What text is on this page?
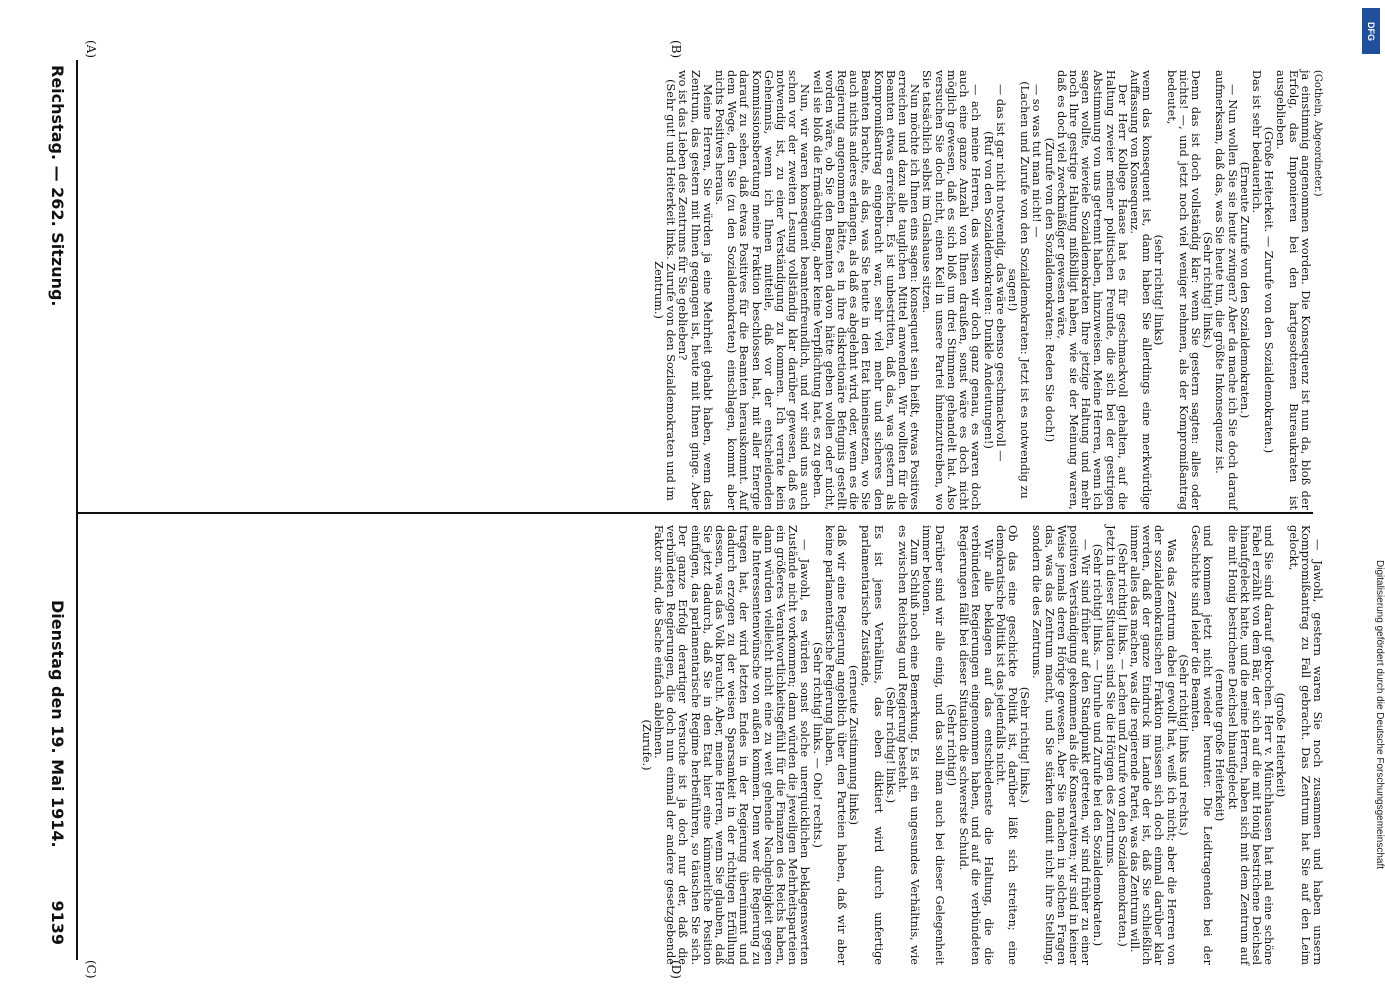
Reichstag. — 262. Sitzung.
Dienstag den 19. Mai 1914.
9139
(A)	(B)
(C)	(D)

(Gothein, Abgeordneter.)

ja einstimmig angenommen worden. Die Konsequenz ist nun da, bloß der Erfolg, das Imponieren bei den hartgesottenen Bureaukraten ist ausgeblieben.

(Große Heiterkeit. — Zurufe von den Sozialdemokraten.)

Das ist sehr bedauerlich.

(Erneute Zurufe von den Sozialdemokraten.)

— Nun wollen Sie sie heute zwingen? Aber da mache ich Sie doch darauf aufmerksam, daß das, was Sie heute tun, die größte Inkonsequenz ist.

(Sehr richtig! links.)

Denn das ist doch vollständig klar: wenn Sie gestern sagten: alles oder nichts! —, und jetzt noch viel weniger nehmen, als der Kompromißantrag bedeutet,

(sehr richtig! links)

wenn das konsequent ist, dann haben Sie allerdings eine merkwürdige Auffassung von Konsequenz.

Der Herr Kollege Haase hat es für geschmackvoll gehalten, auf die Haltung zweier meiner politischen Freunde, die sich bei der gestrigen Abstimmung von uns getrennt haben, hinzuweisen. Meine Herren, wenn ich sagen wollte, wieviele Sozialdemokraten Ihre jetzige Haltung und mehr noch Ihre gestrige Haltung mißbilligt haben, wie sie der Meinung waren, daß es doch viel zweckmäßiger gewesen wäre,

(Zurufe von den Sozialdemokraten: Reden Sie doch!)

— so was tut man nicht! —

(Lachen und Zurufe von den Sozialdemokraten: Jetzt ist es notwendig zu sagen!)

— das ist gar nicht notwendig, das wäre ebenso geschmackvoll —

(Ruf von den Sozialdemokraten: Dunkle Andeutungen!)

— ach meine Herren, das wissen wir doch ganz genau, es waren doch auch eine ganze Anzahl von Ihnen draußen, sonst wäre es doch nicht möglich gewesen, daß es sich bloß um drei Stimmen gehandelt hat. Also versuchen Sie doch nicht, einen Keil in unsere Partei hineinzutreiben, wo Sie tatsächlich selbst im Glashause sitzen.

Nun möchte ich Ihnen eins sagen: konsequent sein heißt, etwas Positives erreichen und dazu alle tauglichen Mittel anwenden. Wir wollten für die Beamten etwas erreichen. Es ist unbestritten, daß das, was gestern als Kompromißantrag eingebracht war, sehr viel mehr und sicheres den Beamten brachte, als das, was Sie heute in den Etat hineinsetzen, wo Sie auch nichts anderes erlangen, als daß es abgelehnt wird, oder, wenn es die Regierung angenommen hätte, es in ihre diskretionäre Befugnis gestellt worden wäre, ob Sie den Beamten davon hätte geben wollen oder nicht, weil sie bloß die Ermächtigung, aber keine Verpflichtung hat, es zu geben.

Nun, wir waren konsequent beamtenfreundlich, und wir sind uns auch schon vor der zweiten Lesung vollständig klar darüber gewesen, daß es notwendig ist, zu einer Verständigung zu kommen. Ich verrate kein Geheimnis, wenn ich Ihnen mitteile, daß vor der entscheidenden Kommissionsberatung meine Fraktion beschlossen hat, mit aller Energie darauf zu sehen, daß etwas Positives für die Beamten herauskommt. Auf dem Wege, den Sie (zu den Sozialdemokraten) einschlagen, kommt aber nichts Positives heraus.

Meine Herren, Sie würden ja eine Mehrheit gehabt haben, wenn das Zentrum, das gestern mit Ihnen gegangen ist, heute mit Ihnen ginge. Aber wo ist das Lieben des Zentrums für Sie geblieben?

(Sehr gut! und Heiterkeit links. Zurufe von den Sozialdemokraten und im Zentrum.)

— Jawohl, gestern waren Sie noch zusammen und haben unsern Kompromißantrag zu Fall gebracht. Das Zentrum hat Sie auf den Leim gelockt,

(große Heiterkeit)

und Sie sind darauf gekrochen. Herr v. Münchhausen hat mal eine schöne Fabel erzählt von dem Bär, der sich auf die mit Honig bestrichene Deichsel hinaufgeleckt hatte, und die meine Herren, haben sich mit dem Zentrum auf die mit Honig bestrichene Deichsel hinaufgeleckt

(erneute große Heiterkeit)

und kommen jetzt nicht wieder herunter. Die Leidtragenden bei der Geschichte sind leider die Beamten.

(Sehr richtig! links und rechts.)

Was das Zentrum dabei gewollt hat, weiß ich nicht; aber die Herren von der sozialdemokratischen Fraktion müssen sich doch einmal darüber klar werden, daß der ganze Eindruck im Lande der ist, daß Sie schließlich immer alles das machen, was die regierende Partei, was das Zentrum will.

(Sehr richtig! links. — Lachen und Zurufe von den Sozialdemokraten.)

Jetzt in dieser Situation sind Sie die Hörigen des Zentrums.

(Sehr richtig! links. — Unruhe und Zurufe bei den Sozialdemokraten.)

— Wir sind früher auf den Standpunkt getreten, wir sind früher zu einer positiven Verständigung gekommen als die Konservativen; wir sind in keiner Weise jemals deren Hörige gewesen. Aber Sie machen in solchen Fragen das, was das Zentrum macht, und Sie stärken damit nicht ihre Stellung, sondern die des Zentrums.

(Sehr richtig! links.)

Ob das eine geschickte Politik ist, darüber läßt sich streiten; eine demokratische Politik ist das jedenfalls nicht.

Wir alle beklagen auf das entschiedenste die Haltung, die die verbündeten Regierungen eingenommen haben, und auf die verbündeten Regierungen fällt bei dieser Situation die schwerste Schuld.

(Sehr richtig!)

Darüber sind wir alle einig, und das soll man auch bei dieser Gelegenheit immer betonen.

Zum Schluß noch eine Bemerkung. Es ist ein ungesundes Verhältnis, wie es zwischen Reichstag und Regierung besteht.

(Sehr richtig! links.)

Es ist jenes Verhältnis, das eben diktiert wird durch unfertige parlamentarische Zustände,

(erneute Zustimmung links)

daß wir eine Regierung angeblich über den Parteien haben, daß wir aber keine parlamentarische Regierung haben.

(Sehr richtig! links. — Oho! rechts.)

— Jawohl, es würden sonst solche unerquicklichen beklagenswerten Zustände nicht vorkommen; dann würden die jeweiligen Mehrheitsparteien ein größeres Verantwortlichkeitsgefühl für die Finanzen des Reichs haben, dann würden vielleicht nicht eine zu weit gehende Nachgiebigkeit gegen alle Interessentenwünsche von außen kommen. Denn wer die Regierung zu tragen hat, der wird letzten Endes in der Regierung übernimmt und dadurch erzogen zu der weisen Sparsamkeit in der richtigen Erfüllung dessen, was das Volk braucht. Aber, meine Herren, wenn Sie glauben, daß Sie jetzt dadurch, daß Sie in den Etat hier eine kümmerliche Position einfügen, das parlamentarische Regime herbeiführen, so täuschen Sie sich. Der ganze Erfolg derartiger Versuche ist ja doch nur der, daß die verbündeten Regierungen, die doch nun einmal der andere gesetzgebende Faktor sind, die Sache einfach ablehnen.

(Zurufe.)

DFG
Digitalisierung gefördert durch die Deutsche Forschungsgemeinschaft
